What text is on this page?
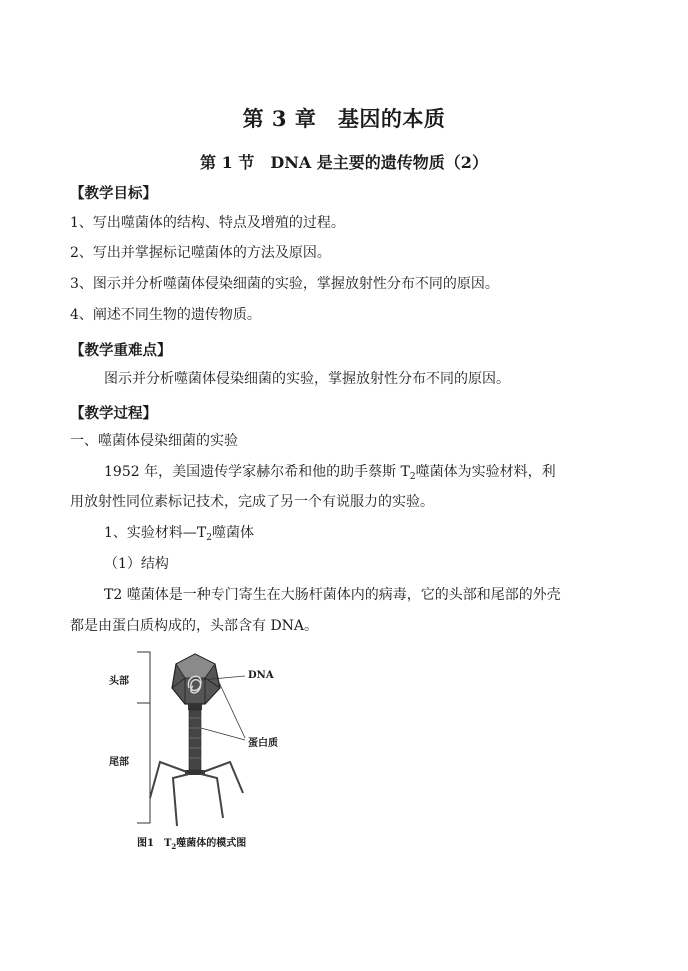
第 3 章　基因的本质
第 1 节　DNA 是主要的遗传物质（2）
【教学目标】
1、写出噬菌体的结构、特点及增殖的过程。
2、写出并掌握标记噬菌体的方法及原因。
3、图示并分析噬菌体侵染细菌的实验，掌握放射性分布不同的原因。
4、阐述不同生物的遗传物质。
【教学重难点】
图示并分析噬菌体侵染细菌的实验，掌握放射性分布不同的原因。
【教学过程】
一、噬菌体侵染细菌的实验
1952 年，美国遗传学家赫尔希和他的助手蔡斯 $T_2$噬菌体为实验材料，利
用放射性同位素标记技术，完成了另一个有说服力的实验。
1、实验材料$—T_2$噬菌体
（1）结构
T2 噬菌体是一种专门寄生在大肠杆菌体内的病毒，它的头部和尾部的外壳
都是由蛋白质构成的，头部含有 DNA。
头部
尾部
DNA
蛋白质
图1　$T_2$噬菌体的模式图
